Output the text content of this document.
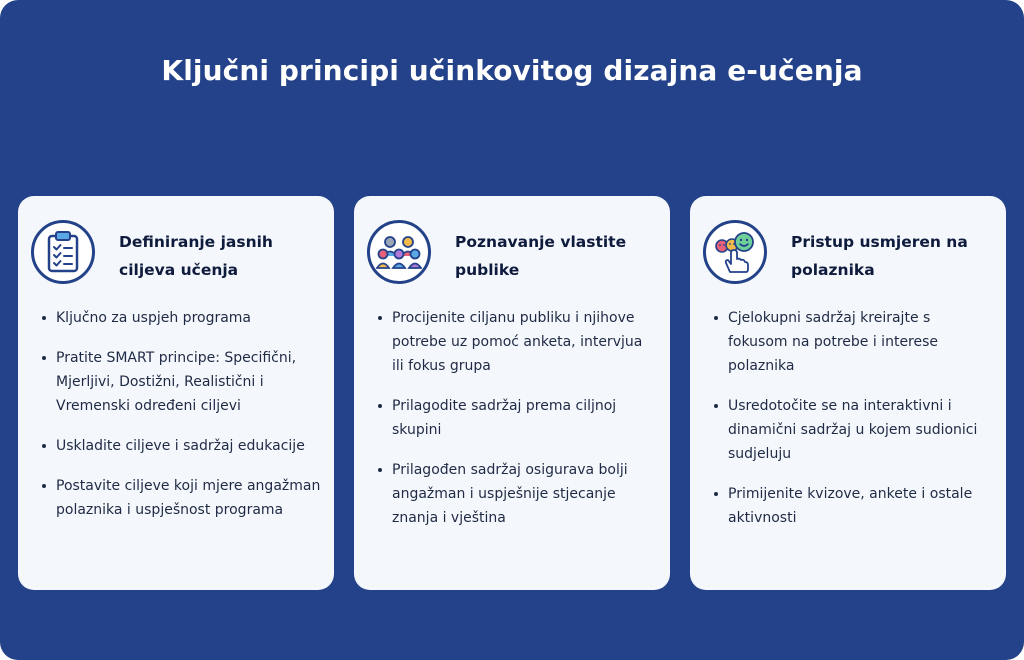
Ključni principi učinkovitog dizajna e-učenja
Definiranje jasnih ciljeva učenja
Ključno za uspjeh programa
Pratite SMART principe: Specifični, Mjerljivi, Dostižni, Realistični i Vremenski određeni ciljevi
Uskladite ciljeve i sadržaj edukacije
Postavite ciljeve koji mjere angažman polaznika i uspješnost programa
Poznavanje vlastite publike
Procijenite ciljanu publiku i njihove potrebe uz pomoć anketa, intervjua ili fokus grupa
Prilagodite sadržaj prema ciljnoj skupini
Prilagođen sadržaj osigurava bolji angažman i uspješnije stjecanje znanja i vještina
Pristup usmjeren na polaznika
Cjelokupni sadržaj kreirajte s fokusom na potrebe i interese polaznika
Usredotočite se na interaktivni i dinamični sadržaj u kojem sudionici sudjeluju
Primijenite kvizove, ankete i ostale aktivnosti
